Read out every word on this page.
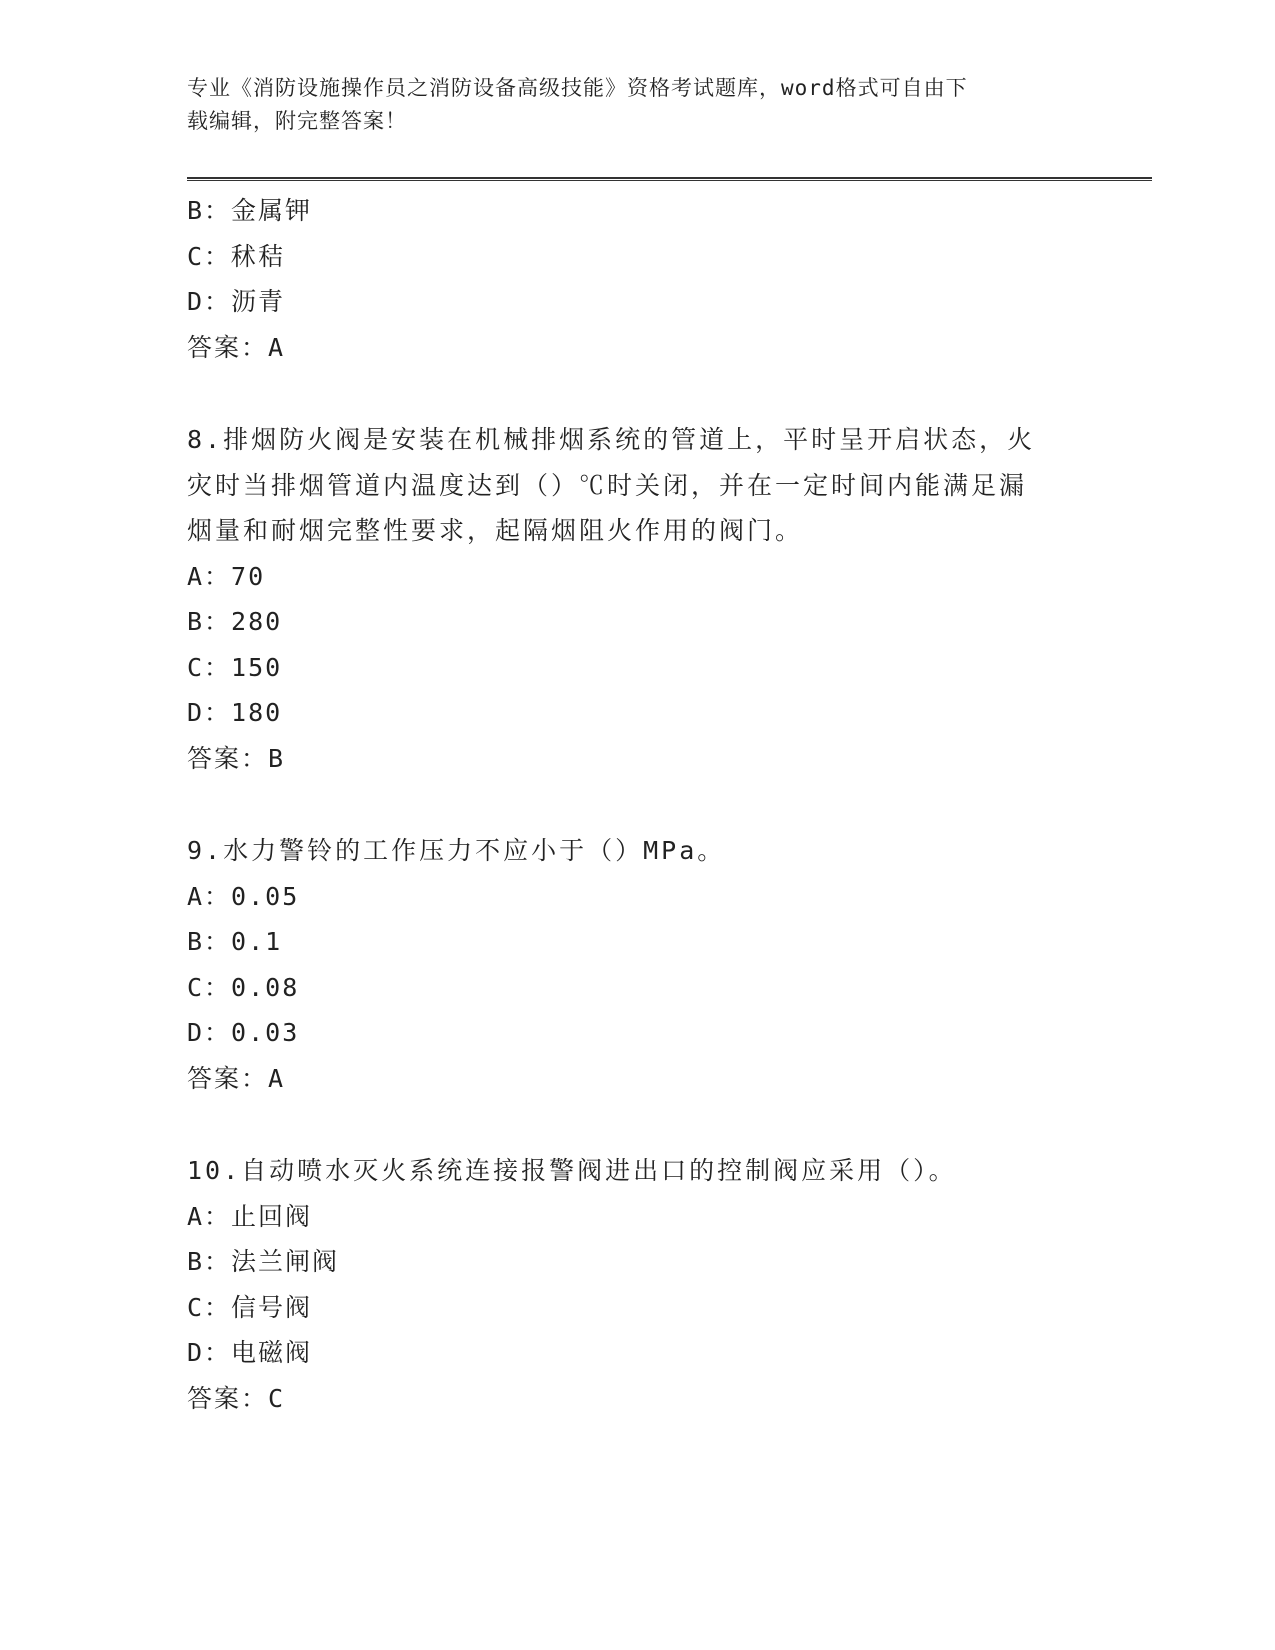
专业《消防设施操作员之消防设备高级技能》资格考试题库，word格式可自由下
载编辑，附完整答案！
B：金属钾
C：秫秸
D：沥青
答案：A
8.排烟防火阀是安装在机械排烟系统的管道上，平时呈开启状态，火
灾时当排烟管道内温度达到（）℃时关闭，并在一定时间内能满足漏
烟量和耐烟完整性要求，起隔烟阻火作用的阀门。
A：70
B：280
C：150
D：180
答案：B
9.水力警铃的工作压力不应小于（）MPa。
A：0.05
B：0.1
C：0.08
D：0.03
答案：A
10.自动喷水灭火系统连接报警阀进出口的控制阀应采用（）。
A：止回阀
B：法兰闸阀
C：信号阀
D：电磁阀
答案：C
